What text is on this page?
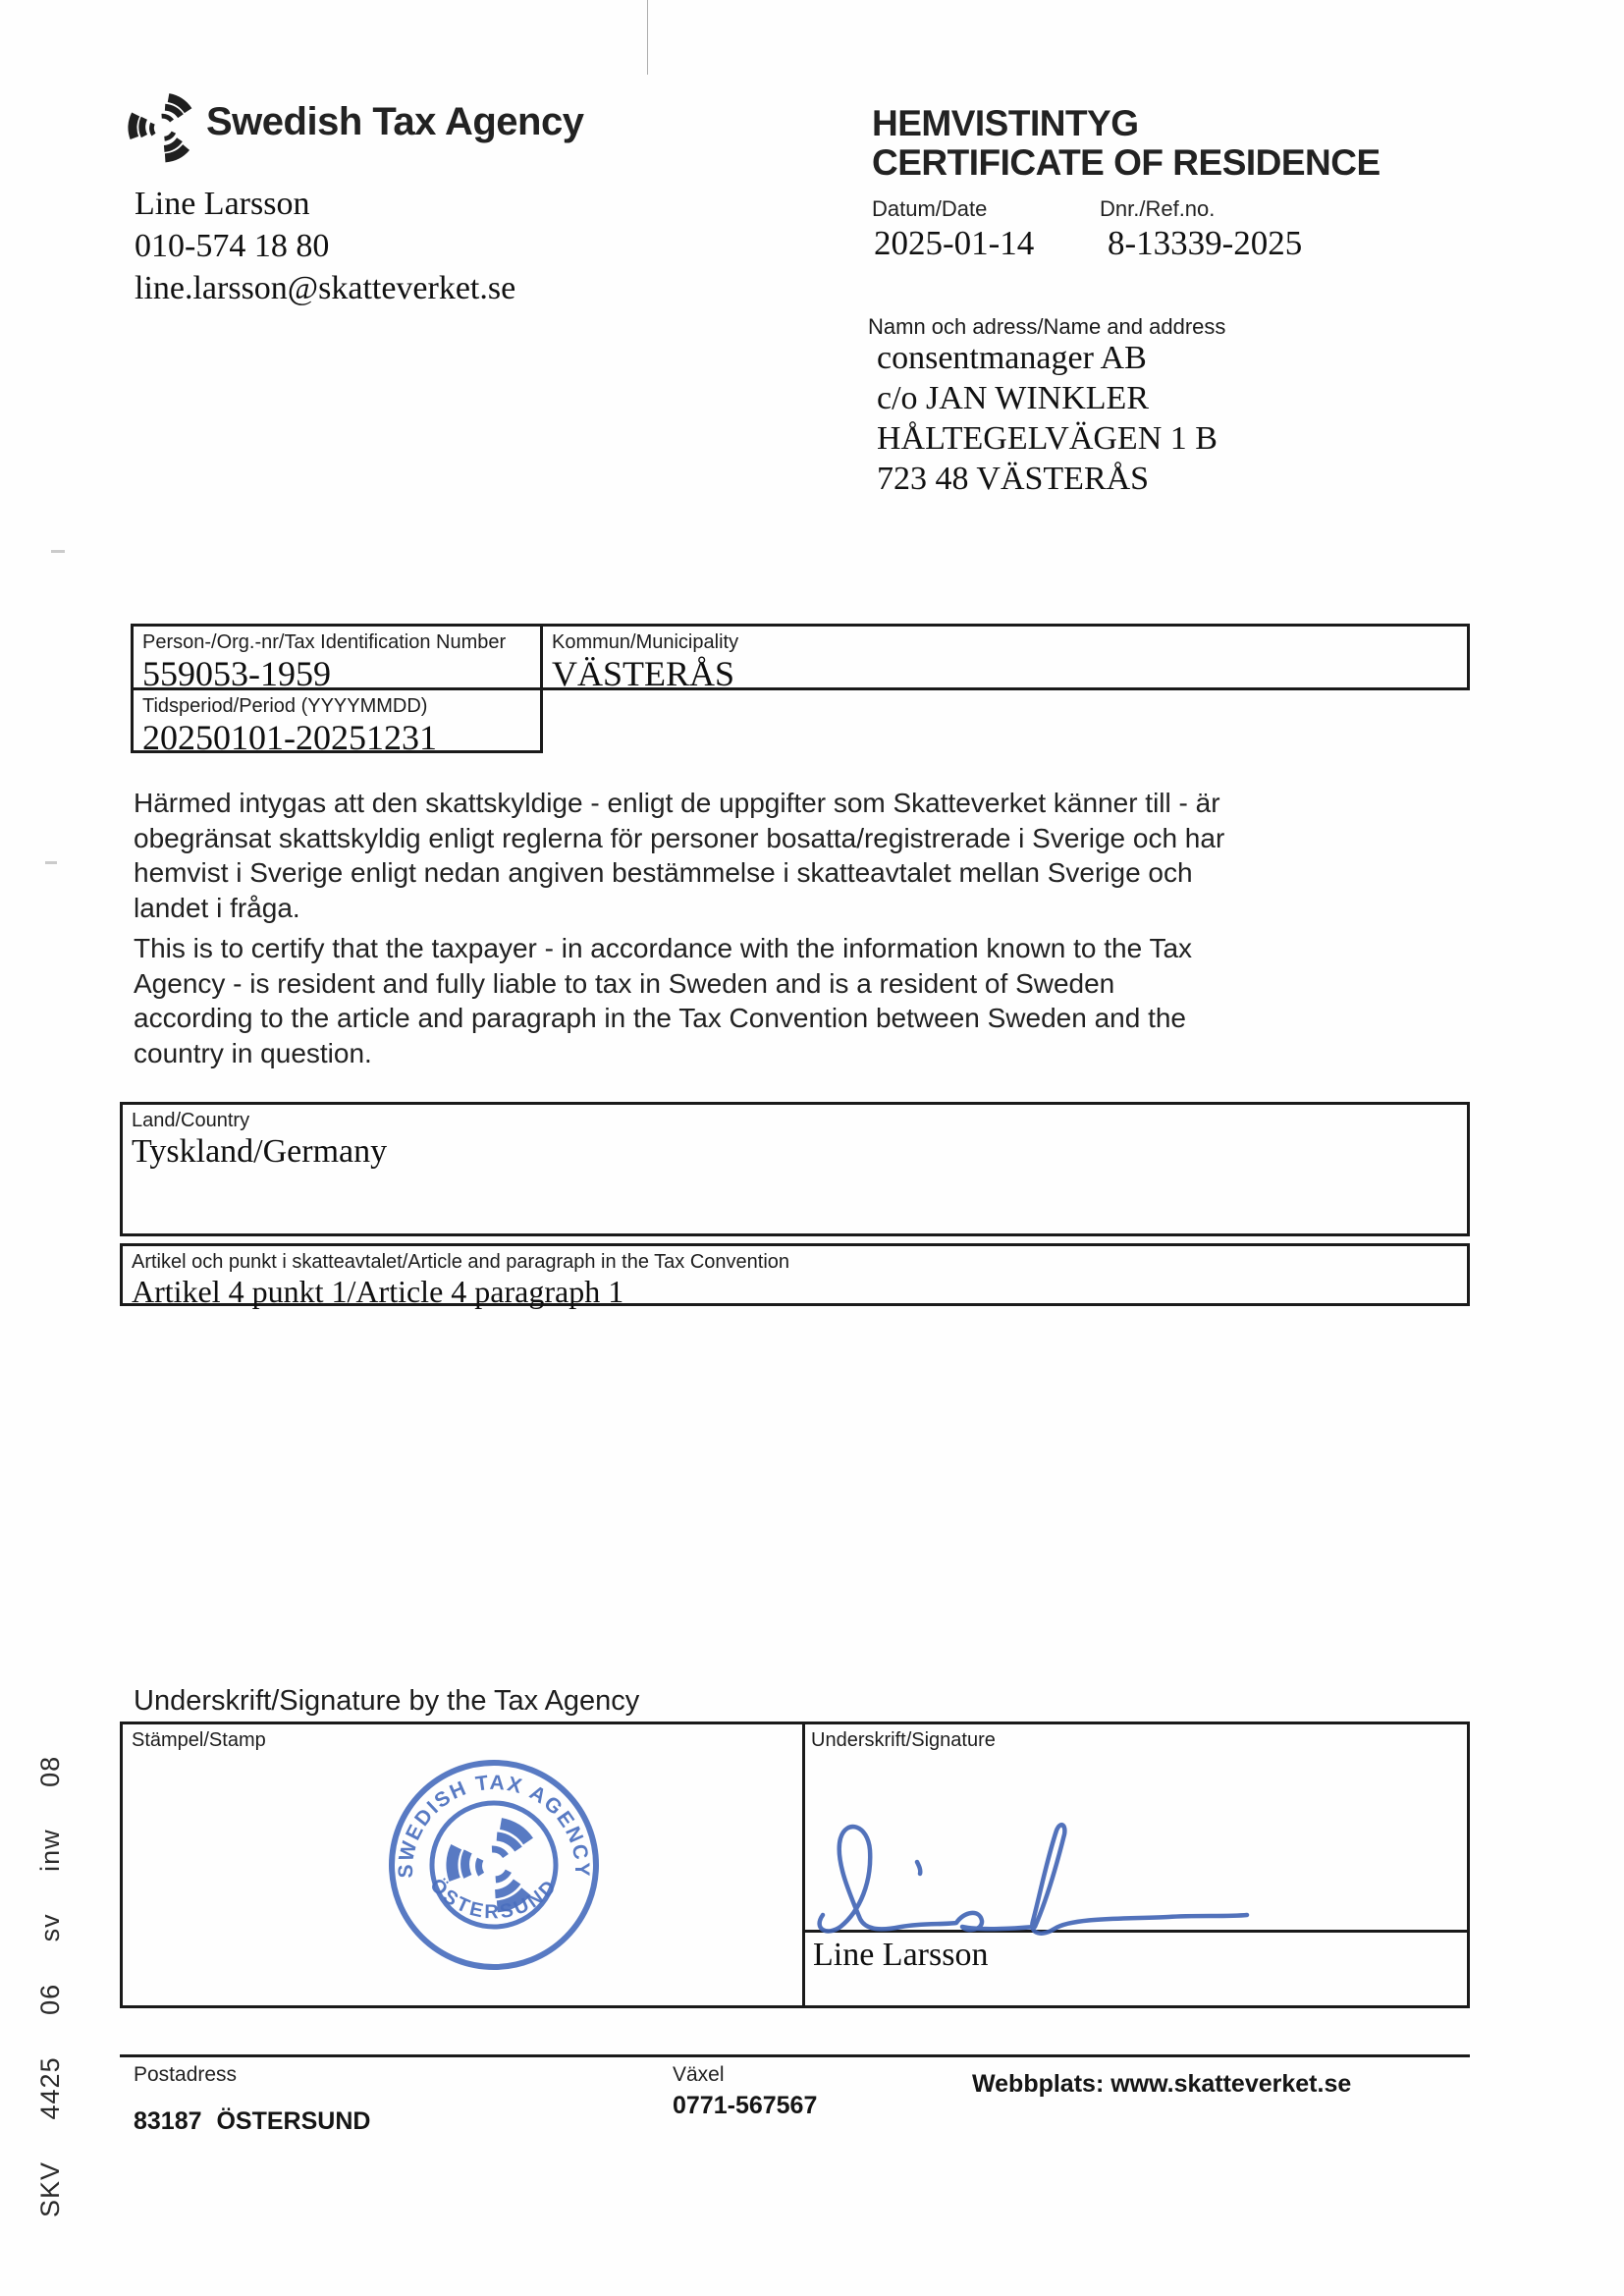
Swedish Tax Agency
Line Larsson
010-574 18 80
line.larsson@skatteverket.se
HEMVISTINTYG
CERTIFICATE OF RESIDENCE
Datum/Date	Dnr./Ref.no.
2025-01-14 8-13339-2025
Namn och adress/Name and address
consentmanager AB
c/o JAN WINKLER
HÅLTEGELVÄGEN 1 B
723 48 VÄSTERÅS
Person-/Org.-nr/Tax Identification Number
559053-1959
Kommun/Municipality
VÄSTERÅS
Tidsperiod/Period (YYYYMMDD)
20250101-20251231
Härmed intygas att den skattskyldige - enligt de uppgifter som Skatteverket känner till - är obegränsat skattskyldig enligt reglerna för personer bosatta/registrerade i Sverige och har hemvist i Sverige enligt nedan angiven bestämmelse i skatteavtalet mellan Sverige och landet i fråga.
This is to certify that the taxpayer - in accordance with the information known to the Tax Agency - is resident and fully liable to tax in Sweden and is a resident of Sweden according to the article and paragraph in the Tax Convention between Sweden and the country in question.
Land/Country
Tyskland/Germany
Artikel och punkt i skatteavtalet/Article and paragraph in the Tax Convention
Artikel 4 punkt 1/Article 4 paragraph 1
Underskrift/Signature by the Tax Agency
Stämpel/Stamp	Underskrift/Signature
Line Larsson
SWEDISH TAX AGENCY
ÖSTERSUND
Postadress
83187 ÖSTERSUND
Växel
0771-567567
Webbplats: www.skatteverket.se
SKV 4425 06 sv inw 08
